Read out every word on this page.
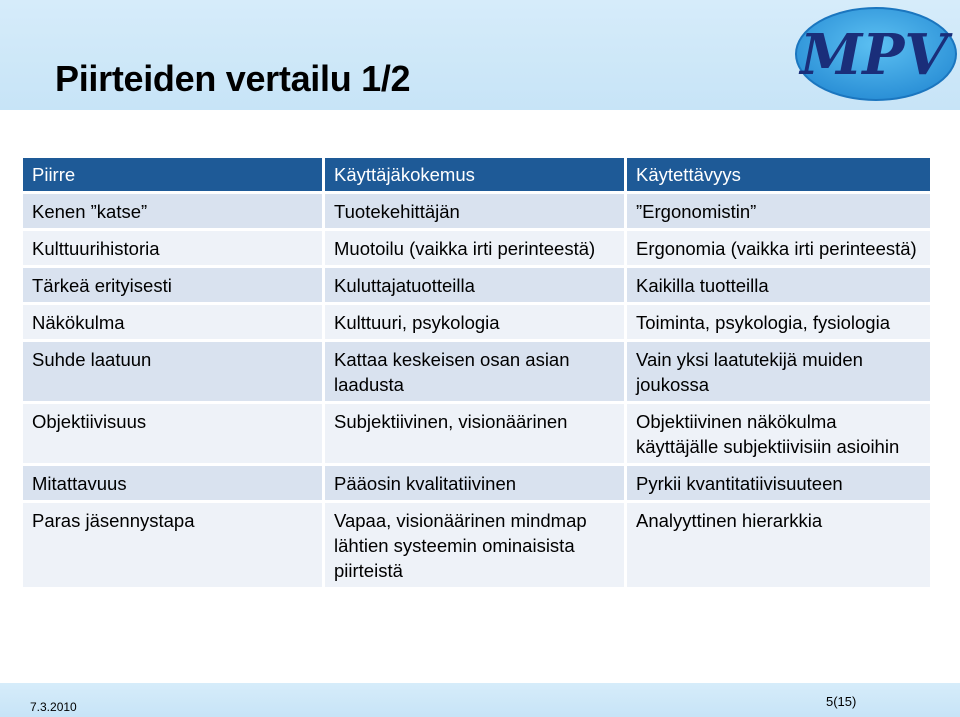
Piirteiden vertailu 1/2	MPV
Piirre	Käyttäjäkokemus	Käytettävyys
Kenen ”katse”	Tuotekehittäjän	”Ergonomistin”
Kulttuurihistoria	Muotoilu (vaikka irti perinteestä)	Ergonomia (vaikka irti perinteestä)
Tärkeä erityisesti	Kuluttajatuotteilla	Kaikilla tuotteilla
Näkökulma	Kulttuuri, psykologia	Toiminta, psykologia, fysiologia
Suhde laatuun	Kattaa keskeisen osan asian laadusta	Vain yksi laatutekijä muiden joukossa
Objektiivisuus	Subjektiivinen, visionäärinen	Objektiivinen näkökulma käyttäjälle subjektiivisiin asioihin
Mitattavuus	Pääosin kvalitatiivinen	Pyrkii kvantitatiivisuuteen
Paras jäsennystapa	Vapaa, visionäärinen mindmap lähtien systeemin ominaisista piirteistä	Analyyttinen hierarkkia
7.3.2010	5(15)
